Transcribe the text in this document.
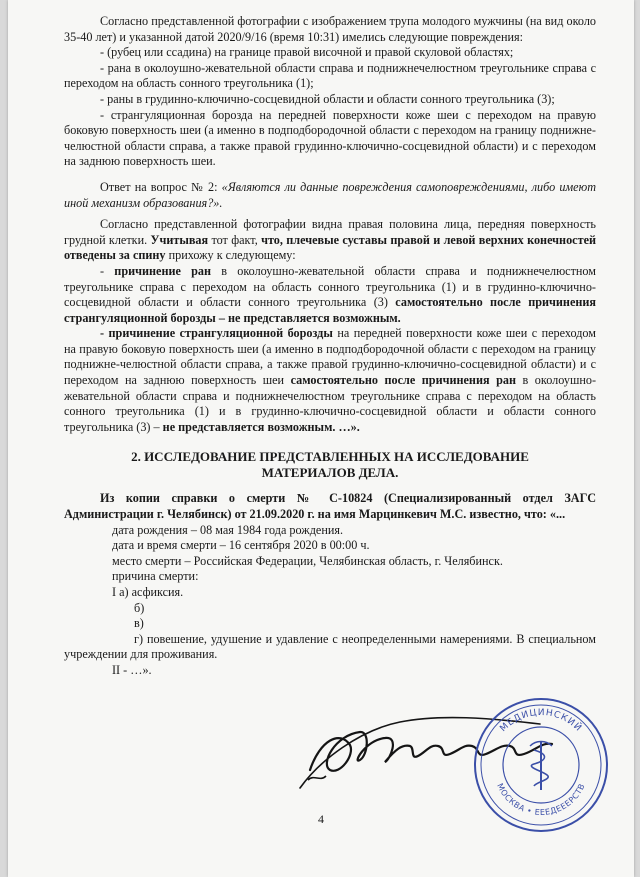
Согласно представленной фотографии с изображением трупа молодого мужчины (на вид около 35-40 лет) и указанной датой 2020/9/16 (время 10:31) имелись следующие повреждения:

- (рубец или ссадина) на границе правой височной и правой скуловой областях;

- рана в околоушно-жевательной области справа и поднижнечелюстном треугольнике справа с переходом на область сонного треугольника (1);

- раны в грудинно-ключично-сосцевидной области и области сонного треугольника (3);

- странгуляционная борозда на передней поверхности коже шеи с переходом на правую боковую поверхность шеи (а именно в подподбородочной области с переходом на границу поднижне-челюстной области справа, а также правой грудинно-ключично-сосцевидной области) и с переходом на заднюю поверхность шеи.

Ответ на вопрос № 2: «Являются ли данные повреждения самоповреждениями, либо имеют иной механизм образования?».

Согласно представленной фотографии видна правая половина лица, передняя поверхность грудной клетки. Учитывая тот факт, что, плечевые суставы правой и левой верхних конечностей отведены за спину прихожу к следующему:

- причинение ран в околоушно-жевательной области справа и поднижнечелюстном треугольнике справа с переходом на область сонного треугольника (1) и в грудинно-ключично-сосцевидной области и области сонного треугольника (3) самостоятельно после причинения странгуляционной борозды – не представляется возможным.

- причинение странгуляционной борозды на передней поверхности коже шеи с переходом на правую боковую поверхность шеи (а именно в подподбородочной области с переходом на границу поднижне-челюстной области справа, а также правой грудинно-ключично-сосцевидной области) и с переходом на заднюю поверхность шеи самостоятельно после причинения ран в околоушно-жевательной области справа и поднижнечелюстном треугольнике справа с переходом на область сонного треугольника (1) и в грудинно-ключично-сосцевидной области и области сонного треугольника (3) – не представляется возможным. …».

2. ИССЛЕДОВАНИЕ ПРЕДСТАВЛЕННЫХ НА ИССЛЕДОВАНИЕ МАТЕРИАЛОВ ДЕЛА.

Из копии справки о смерти № С-10824 (Специализированный отдел ЗАГС Администрации г. Челябинск) от 21.09.2020 г. на имя Марцинкевич М.С. известно, что: «...

дата рождения – 08 мая 1984 года рождения.

дата и время смерти – 16 сентября 2020 в 00:00 ч.

место смерти – Российская Федерации, Челябинская область, г. Челябинск.

причина смерти:

I а) асфиксия.

б)

в)

г) повешение, удушение и удавление с неопределенными намерениями. В специальном учреждении для проживания.

II - …».

МЕДИЦИНСКИЙ
МОСКВА • ЕЕЕДЕЕЕРСТВ
4
